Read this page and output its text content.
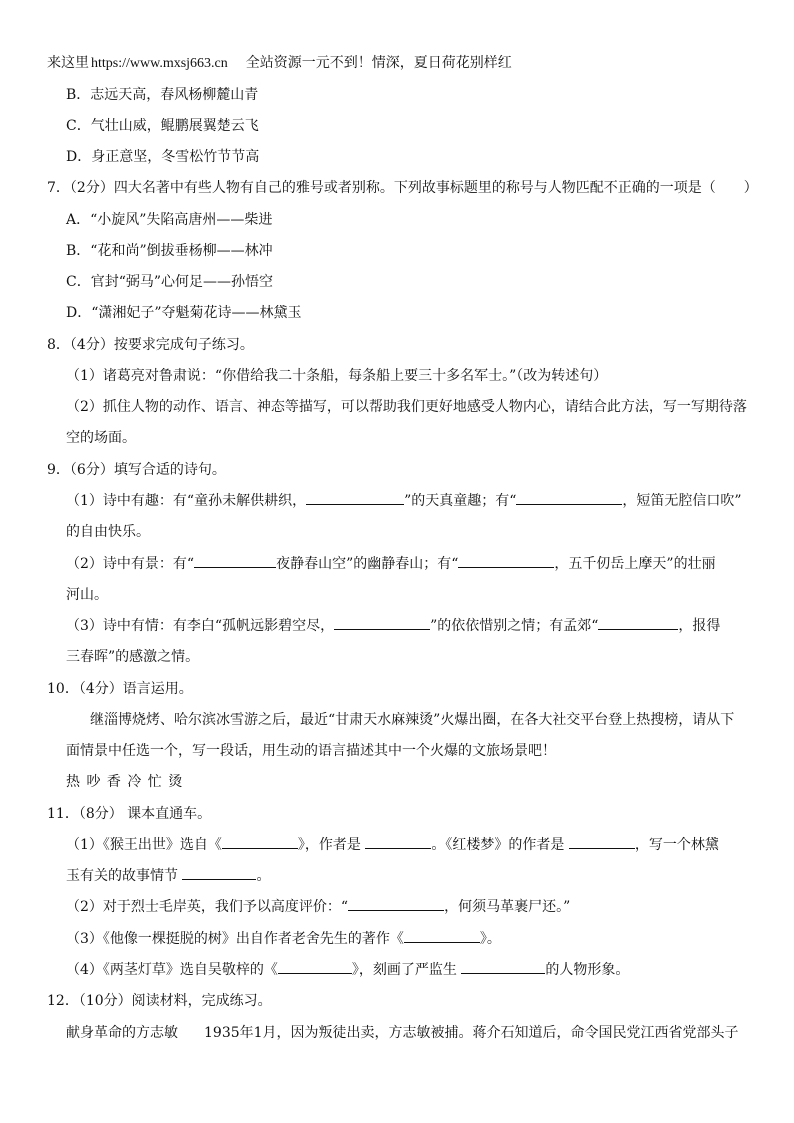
来这里 https://www.mxsj663.cn 全站资源一元不到！情深，夏日荷花别样红
B．志远天高，春风杨柳麓山青
C．气壮山威，鲲鹏展翼楚云飞
D．身正意坚，冬雪松竹节节高
7．（2分）四大名著中有些人物有自己的雅号或者别称。下列故事标题里的称号与人物匹配不正确的一项是（　　）
A．“小旋风”失陷高唐州——柴进
B．“花和尚”倒拔垂杨柳——林冲
C．官封“弼马”心何足——孙悟空
D．“潇湘妃子”夺魁菊花诗——林黛玉
8．（4分）按要求完成句子练习。
（1）诸葛亮对鲁肃说：“你借给我二十条船，每条船上要三十多名军士。”（改为转述句）
（2）抓住人物的动作、语言、神态等描写，可以帮助我们更好地感受人物内心，请结合此方法，写一写期待落
空的场面。
9．（6分）填写合适的诗句。
（1）诗中有趣：有“童孙未解供耕织，	”的天真童趣；有“	，短笛无腔信口吹”
的自由快乐。
（2）诗中有景：有“	夜静春山空”的幽静春山；有“	，五千仞岳上摩天”的壮丽
河山。
（3）诗中有情：有李白“孤帆远影碧空尽，	”的依依惜别之情；有孟郊“	，报得
三春晖”的感激之情。
10．（4分）语言运用。
继淄博烧烤、哈尔滨冰雪游之后，最近“甘肃天水麻辣烫”火爆出圈，在各大社交平台登上热搜榜，请从下
面情景中任选一个，写一段话，用生动的语言描述其中一个火爆的文旅场景吧！
热 吵 香 冷 忙 烫
11．（8分） 课本直通车。
（1）《猴王出世》选自《	》，作者是	。《红楼梦》的作者是	，写一个林黛
玉有关的故事情节	。
（2）对于烈士毛岸英，我们予以高度评价：“	，何须马革裹尸还。”
（3）《他像一棵挺脱的树》出自作者老舍先生的著作《	》。
（4）《两茎灯草》选自吴敬梓的《	》，刻画了严监生	的人物形象。
12．（10分）阅读材料，完成练习。
献身革命的方志敏 1935年1月，因为叛徒出卖，方志敏被捕。蒋介石知道后，命令国民党江西省党部头子
